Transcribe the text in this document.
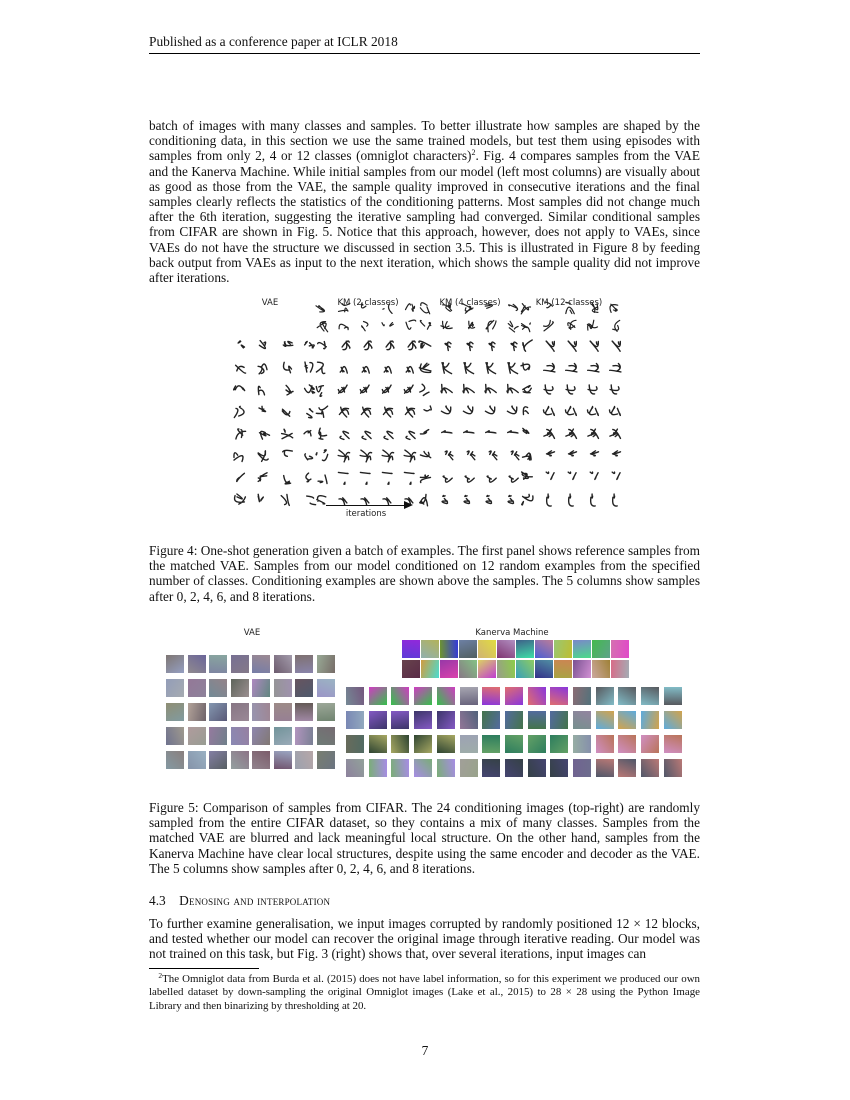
Published as a conference paper at ICLR 2018

batch of images with many classes and samples. To better illustrate how samples are shaped by the conditioning data, in this section we use the same trained models, but test them using episodes with samples from only 2, 4 or 12 classes (omniglot characters)$^2$. Fig. 4 compares samples from the VAE and the Kanerva Machine. While initial samples from our model (left most columns) are visually about as good as those from the VAE, the sample quality improved in consecutive iterations and the final samples clearly reflects the statistics of the conditioning patterns. Most samples did not change much after the 6th iteration, suggesting the iterative sampling had converged. Similar conditional samples from CIFAR are shown in Fig. 5. Notice that this approach, however, does not apply to VAEs, since VAEs do not have the structure we discussed in section 3.5. This is illustrated in Figure 8 by feeding back output from VAEs as input to the next iteration, which shows the sample quality did not improve after iterations.

VAE	KM (2 classes)	KM (4 classes)	KM (12 classes)
iterations

Figure 4: One-shot generation given a batch of examples. The first panel shows reference samples from the matched VAE. Samples from our model conditioned on 12 random examples from the specified number of classes. Conditioning examples are shown above the samples. The 5 columns show samples after 0, 2, 4, 6, and 8 iterations.

VAE	Kanerva Machine

Figure 5: Comparison of samples from CIFAR. The 24 conditioning images (top-right) are randomly sampled from the entire CIFAR dataset, so they contains a mix of many classes. Samples from the matched VAE are blurred and lack meaningful local structure. On the other hand, samples from the Kanerva Machine have clear local structures, despite using the same encoder and decoder as the VAE. The 5 columns show samples after 0, 2, 4, 6, and 8 iterations.

4.3 Denosing and interpolation

To further examine generalisation, we input images corrupted by randomly positioned 12 × 12 blocks, and tested whether our model can recover the original image through iterative reading. Our model was not trained on this task, but Fig. 3 (right) shows that, over several iterations, input images can

$^2$The Omniglot data from Burda et al. (2015) does not have label information, so for this experiment we produced our own labelled dataset by down-sampling the original Omniglot images (Lake et al., 2015) to 28 × 28 using the Python Image Library and then binarizing by thresholding at 20.

7
